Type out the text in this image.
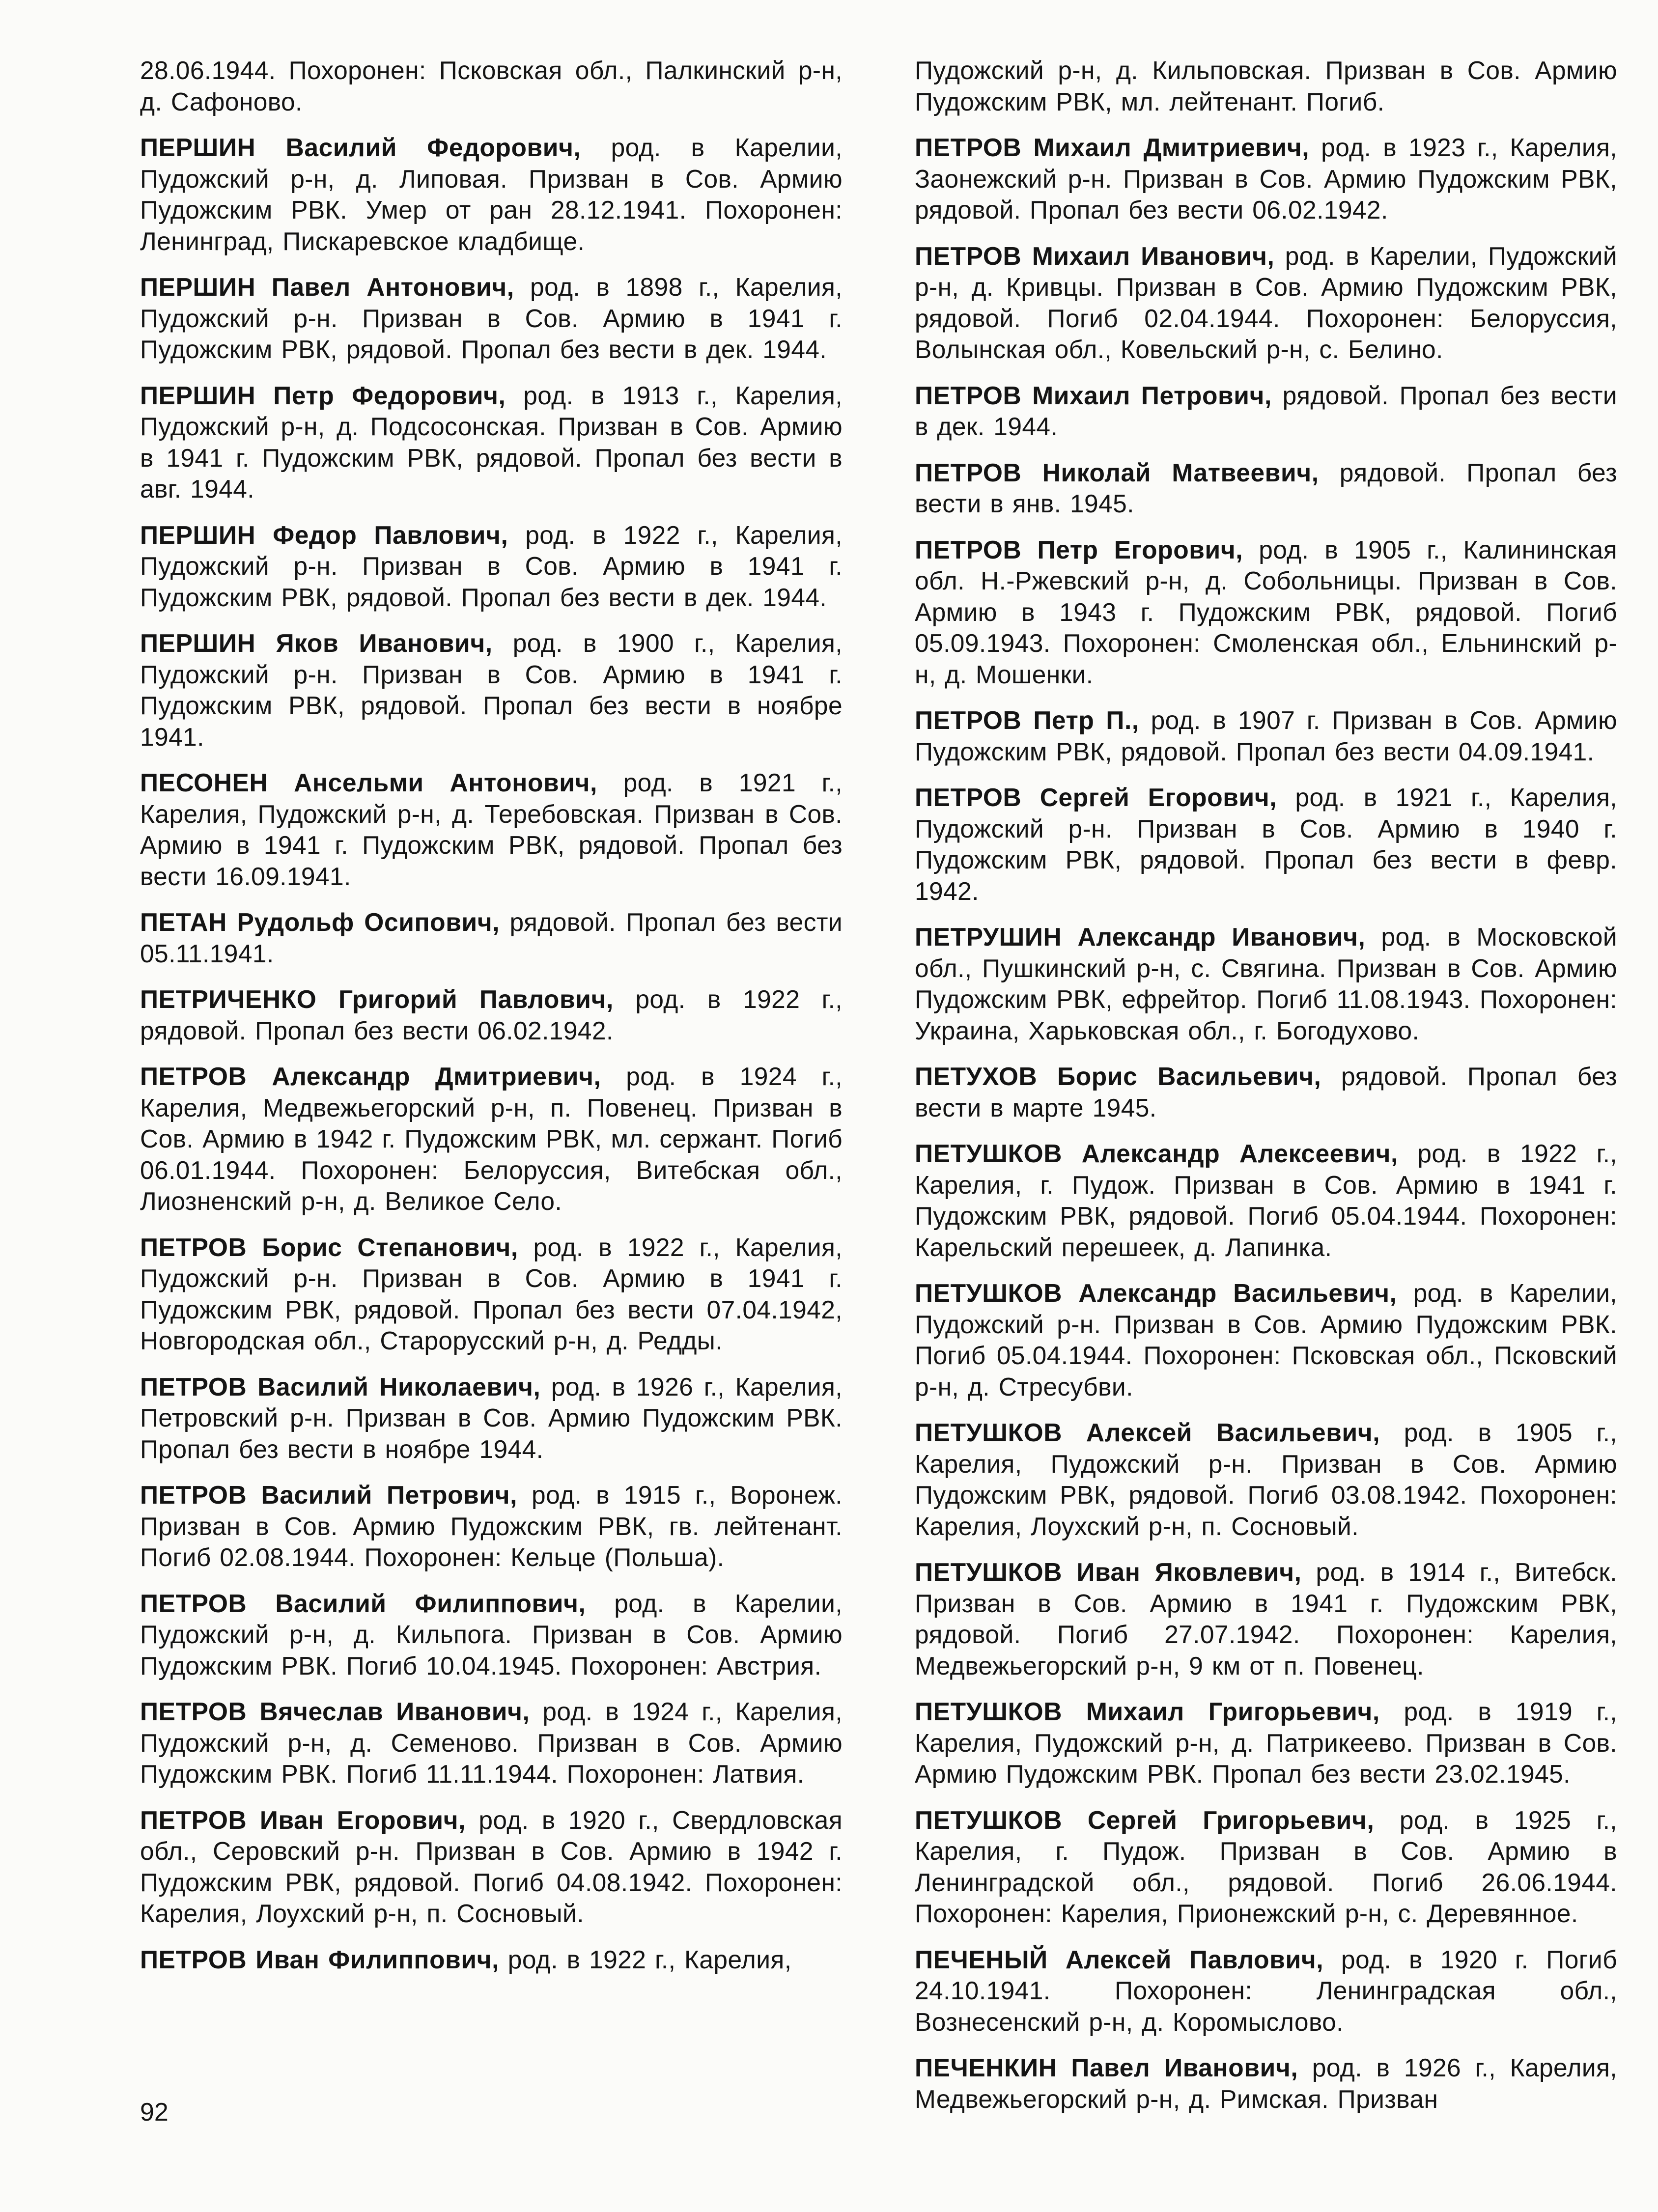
28.06.1944. Похоронен: Псковская обл., Палкинский р-н, д. Сафоново.

ПЕРШИН Василий Федорович, род. в Карелии, Пудожский р-н, д. Липовая. Призван в Сов. Армию Пудожским РВК. Умер от ран 28.12.1941. Похоронен: Ленинград, Пискаревское кладбище.

ПЕРШИН Павел Антонович, род. в 1898 г., Карелия, Пудожский р-н. Призван в Сов. Армию в 1941 г. Пудожским РВК, рядовой. Пропал без вести в дек. 1944.

ПЕРШИН Петр Федорович, род. в 1913 г., Карелия, Пудожский р-н, д. Подсосонская. Призван в Сов. Армию в 1941 г. Пудожским РВК, рядовой. Пропал без вести в авг. 1944.

ПЕРШИН Федор Павлович, род. в 1922 г., Карелия, Пудожский р-н. Призван в Сов. Армию в 1941 г. Пудожским РВК, рядовой. Пропал без вести в дек. 1944.

ПЕРШИН Яков Иванович, род. в 1900 г., Карелия, Пудожский р-н. Призван в Сов. Армию в 1941 г. Пудожским РВК, рядовой. Пропал без вести в ноябре 1941.

ПЕСОНЕН Ансельми Антонович, род. в 1921 г., Карелия, Пудожский р-н, д. Теребовская. Призван в Сов. Армию в 1941 г. Пудожским РВК, рядовой. Пропал без вести 16.09.1941.

ПЕТАН Рудольф Осипович, рядовой. Пропал без вести 05.11.1941.

ПЕТРИЧЕНКО Григорий Павлович, род. в 1922 г., рядовой. Пропал без вести 06.02.1942.

ПЕТРОВ Александр Дмитриевич, род. в 1924 г., Карелия, Медвежьегорский р-н, п. Повенец. Призван в Сов. Армию в 1942 г. Пудожским РВК, мл. сержант. Погиб 06.01.1944. Похоронен: Белоруссия, Витебская обл., Лиозненский р-н, д. Великое Село.

ПЕТРОВ Борис Степанович, род. в 1922 г., Карелия, Пудожский р-н. Призван в Сов. Армию в 1941 г. Пудожским РВК, рядовой. Пропал без вести 07.04.1942, Новгородская обл., Старорусский р-н, д. Редды.

ПЕТРОВ Василий Николаевич, род. в 1926 г., Карелия, Петровский р-н. Призван в Сов. Армию Пудожским РВК. Пропал без вести в ноябре 1944.

ПЕТРОВ Василий Петрович, род. в 1915 г., Воронеж. Призван в Сов. Армию Пудожским РВК, гв. лейтенант. Погиб 02.08.1944. Похоронен: Кельце (Польша).

ПЕТРОВ Василий Филиппович, род. в Карелии, Пудожский р-н, д. Кильпога. Призван в Сов. Армию Пудожским РВК. Погиб 10.04.1945. Похоронен: Австрия.

ПЕТРОВ Вячеслав Иванович, род. в 1924 г., Карелия, Пудожский р-н, д. Семеново. Призван в Сов. Армию Пудожским РВК. Погиб 11.11.1944. Похоронен: Латвия.

ПЕТРОВ Иван Егорович, род. в 1920 г., Свердловская обл., Серовский р-н. Призван в Сов. Армию в 1942 г. Пудожским РВК, рядовой. Погиб 04.08.1942. Похоронен: Карелия, Лоухский р-н, п. Сосновый.

ПЕТРОВ Иван Филиппович, род. в 1922 г., Карелия,

Пудожский р-н, д. Кильповская. Призван в Сов. Армию Пудожским РВК, мл. лейтенант. Погиб.

ПЕТРОВ Михаил Дмитриевич, род. в 1923 г., Карелия, Заонежский р-н. Призван в Сов. Армию Пудожским РВК, рядовой. Пропал без вести 06.02.1942.

ПЕТРОВ Михаил Иванович, род. в Карелии, Пудожский р-н, д. Кривцы. Призван в Сов. Армию Пудожским РВК, рядовой. Погиб 02.04.1944. Похоронен: Белоруссия, Волынская обл., Ковельский р-н, с. Белино.

ПЕТРОВ Михаил Петрович, рядовой. Пропал без вести в дек. 1944.

ПЕТРОВ Николай Матвеевич, рядовой. Пропал без вести в янв. 1945.

ПЕТРОВ Петр Егорович, род. в 1905 г., Калининская обл. Н.-Ржевский р-н, д. Собольницы. Призван в Сов. Армию в 1943 г. Пудожским РВК, рядовой. Погиб 05.09.1943. Похоронен: Смоленская обл., Ельнинский р-н, д. Мошенки.

ПЕТРОВ Петр П., род. в 1907 г. Призван в Сов. Армию Пудожским РВК, рядовой. Пропал без вести 04.09.1941.

ПЕТРОВ Сергей Егорович, род. в 1921 г., Карелия, Пудожский р-н. Призван в Сов. Армию в 1940 г. Пудожским РВК, рядовой. Пропал без вести в февр. 1942.

ПЕТРУШИН Александр Иванович, род. в Московской обл., Пушкинский р-н, с. Свягина. Призван в Сов. Армию Пудожским РВК, ефрейтор. Погиб 11.08.1943. Похоронен: Украина, Харьковская обл., г. Богодухово.

ПЕТУХОВ Борис Васильевич, рядовой. Пропал без вести в марте 1945.

ПЕТУШКОВ Александр Алексеевич, род. в 1922 г., Карелия, г. Пудож. Призван в Сов. Армию в 1941 г. Пудожским РВК, рядовой. Погиб 05.04.1944. Похоронен: Карельский перешеек, д. Лапинка.

ПЕТУШКОВ Александр Васильевич, род. в Карелии, Пудожский р-н. Призван в Сов. Армию Пудожским РВК. Погиб 05.04.1944. Похоронен: Псковская обл., Псковский р-н, д. Стресубви.

ПЕТУШКОВ Алексей Васильевич, род. в 1905 г., Карелия, Пудожский р-н. Призван в Сов. Армию Пудожским РВК, рядовой. Погиб 03.08.1942. Похоронен: Карелия, Лоухский р-н, п. Сосновый.

ПЕТУШКОВ Иван Яковлевич, род. в 1914 г., Витебск. Призван в Сов. Армию в 1941 г. Пудожским РВК, рядовой. Погиб 27.07.1942. Похоронен: Карелия, Медвежьегорский р-н, 9 км от п. Повенец.

ПЕТУШКОВ Михаил Григорьевич, род. в 1919 г., Карелия, Пудожский р-н, д. Патрикеево. Призван в Сов. Армию Пудожским РВК. Пропал без вести 23.02.1945.

ПЕТУШКОВ Сергей Григорьевич, род. в 1925 г., Карелия, г. Пудож. Призван в Сов. Армию в Ленинградской обл., рядовой. Погиб 26.06.1944. Похоронен: Карелия, Прионежский р-н, с. Деревянное.

ПЕЧЕНЫЙ Алексей Павлович, род. в 1920 г. Погиб 24.10.1941. Похоронен: Ленинградская обл., Вознесенский р-н, д. Коромыслово.

ПЕЧЕНКИН Павел Иванович, род. в 1926 г., Карелия, Медвежьегорский р-н, д. Римская. Призван

92
